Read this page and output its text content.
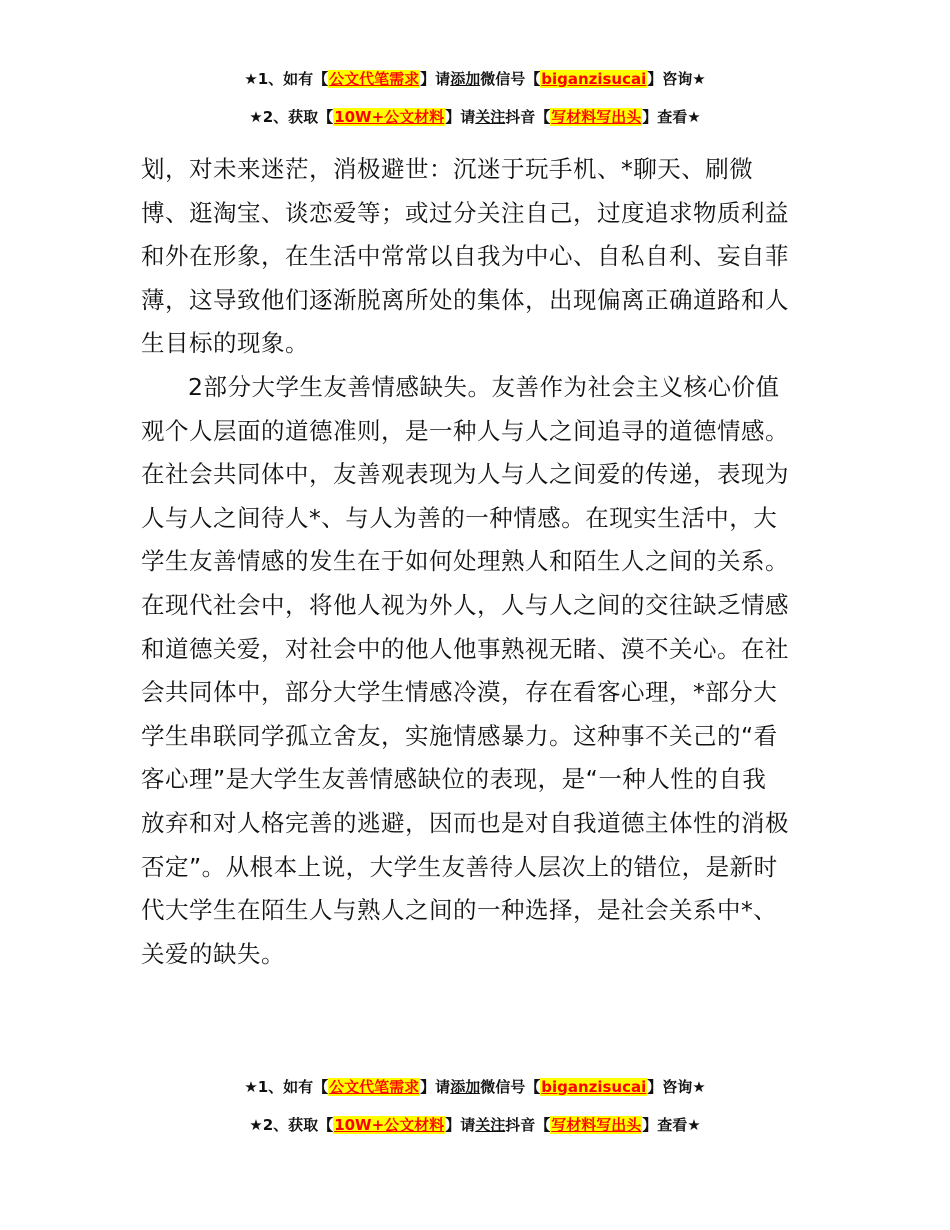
★1、如有【公文代笔需求】请添加微信号【biganzisucai】咨询★
★2、获取【10W+公文材料】请关注抖音【写材料写出头】查看★
划，对未来迷茫，消极避世：沉迷于玩手机、*聊天、刷微
博、逛淘宝、谈恋爱等；或过分关注自己，过度追求物质利益
和外在形象，在生活中常常以自我为中心、自私自利、妄自菲
薄，这导致他们逐渐脱离所处的集体，出现偏离正确道路和人
生目标的现象。
2部分大学生友善情感缺失。友善作为社会主义核心价值
观个人层面的道德准则，是一种人与人之间追寻的道德情感。
在社会共同体中，友善观表现为人与人之间爱的传递，表现为
人与人之间待人*、与人为善的一种情感。在现实生活中，大
学生友善情感的发生在于如何处理熟人和陌生人之间的关系。
在现代社会中，将他人视为外人，人与人之间的交往缺乏情感
和道德关爱，对社会中的他人他事熟视无睹、漠不关心。在社
会共同体中，部分大学生情感冷漠，存在看客心理，*部分大
学生串联同学孤立舍友，实施情感暴力。这种事不关己的“看
客心理”是大学生友善情感缺位的表现，是“一种人性的自我
放弃和对人格完善的逃避，因而也是对自我道德主体性的消极
否定”。从根本上说，大学生友善待人层次上的错位，是新时
代大学生在陌生人与熟人之间的一种选择，是社会关系中*、
关爱的缺失。
★1、如有【公文代笔需求】请添加微信号【biganzisucai】咨询★
★2、获取【10W+公文材料】请关注抖音【写材料写出头】查看★
